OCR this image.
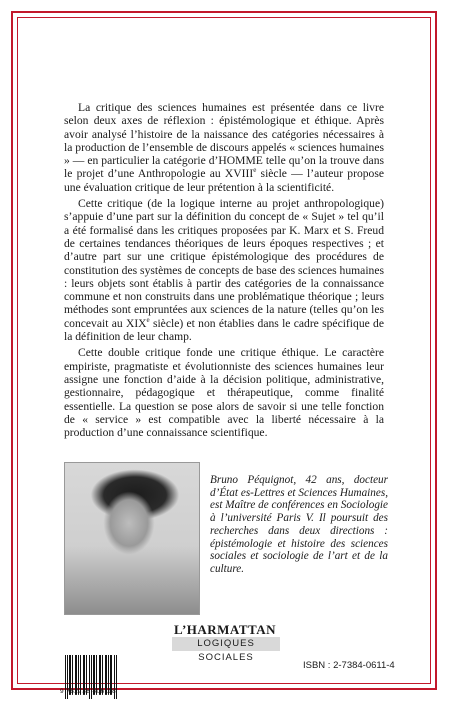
La critique des sciences humaines est présentée dans ce livre selon deux axes de réflexion : épistémologique et éthique. Après avoir analysé l’histoire de la naissance des catégories nécessaires à la production de l’ensemble de discours appelés « sciences humaines » — en particulier la catégorie d’HOMME telle qu’on la trouve dans le projet d’une Anthropologie au XVIIIe siècle — l’auteur propose une évaluation critique de leur prétention à la scientificité.

Cette critique (de la logique interne au projet anthropologique) s’appuie d’une part sur la définition du concept de « Sujet » tel qu’il a été formalisé dans les critiques proposées par K. Marx et S. Freud de certaines tendances théoriques de leurs époques respectives ; et d’autre part sur une critique épistémologique des procédures de constitution des systèmes de concepts de base des sciences humaines : leurs objets sont établis à partir des catégories de la connaissance commune et non construits dans une problématique théorique ; leurs méthodes sont empruntées aux sciences de la nature (telles qu’on les concevait au XIXe siècle) et non établies dans le cadre spécifique de la définition de leur champ.

Cette double critique fonde une critique éthique. Le caractère empiriste, pragmatiste et évolutionniste des sciences humaines leur assigne une fonction d’aide à la décision politique, administrative, gestionnaire, pédagogique et thérapeutique, comme finalité essentielle. La question se pose alors de savoir si une telle fonction de « service » est compatible avec la liberté nécessaire à la production d’une connaissance scientifique.

Bruno Péquignot, 42 ans, docteur d’État es-Lettres et Sciences Humaines, est Maître de conférences en Sociologie à l’université Paris V. Il poursuit des recherches dans deux directions : épistémologie et histoire des sciences sociales et sociologie de l’art et de la culture.
L’HARMATTAN
LOGIQUES SOCIALES
9 782738 406118
ISBN : 2-7384-0611-4
